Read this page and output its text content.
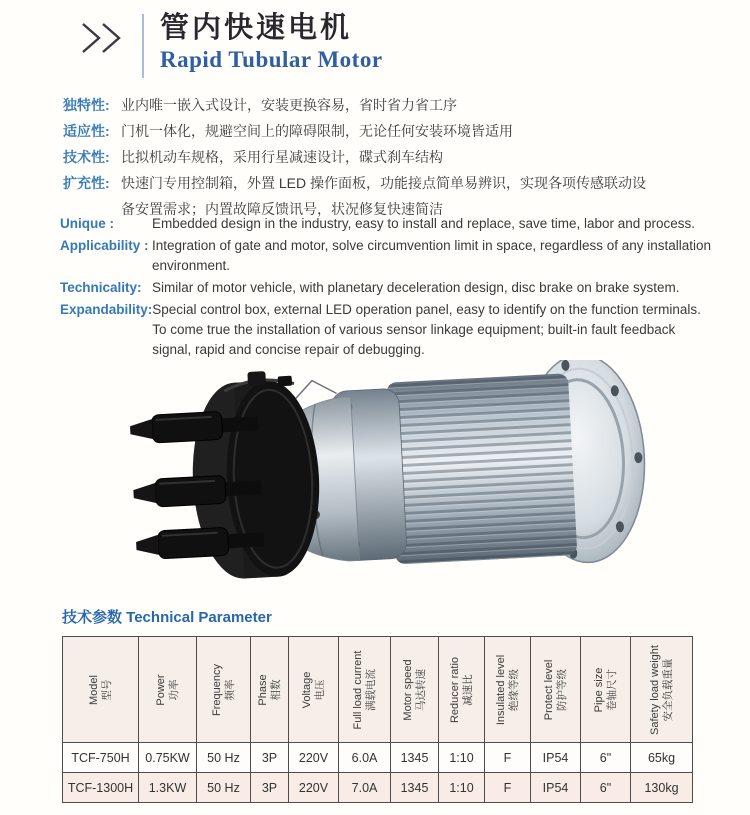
管内快速电机
Rapid Tubular Motor
独特性: 业内唯一嵌入式设计，安装更换容易，省时省力省工序
适应性: 门机一体化，规避空间上的障碍限制，无论任何安装环境皆适用
技术性: 比拟机动车规格，采用行星减速设计，碟式刹车结构
扩充性: 快速门专用控制箱，外置 LED 操作面板，功能接点简单易辨识，实现各项传感联动设备安置需求；内置故障反馈讯号，状况修复快速简洁
Unique :	Embedded design in the industry, easy to install and replace, save time, labor and process.
Applicability : Integration of gate and motor, solve circumvention limit in space, regardless of any installation environment.
Technicality: Similar of motor vehicle, with planetary deceleration design, disc brake on brake system.
Expandability: Special control box, external LED operation panel, easy to identify on the function terminals. To come true the installation of various sensor linkage equipment; built-in fault feedback signal, rapid and concise repair of debugging.
技术参数 Technical Parameter
Model 型号	Power 功率	Frequency 频率	Phase 相数	Voltage 电压	Full load current 满载电流	Motor speed 马达转速	Reducer ratio 减速比	Insulated level 绝缘等级	Protect level 防护等级	Pipe size 卷轴尺寸	Safety load weight 安全负载重量

TCF-750H	0.75KW	50 Hz	3P	220V	6.0A	1345	1:10	F	IP54	6"	65kg
TCF-1300H	1.3KW	50 Hz	3P	220V	7.0A	1345	1:10	F	IP54	6"	130kg
